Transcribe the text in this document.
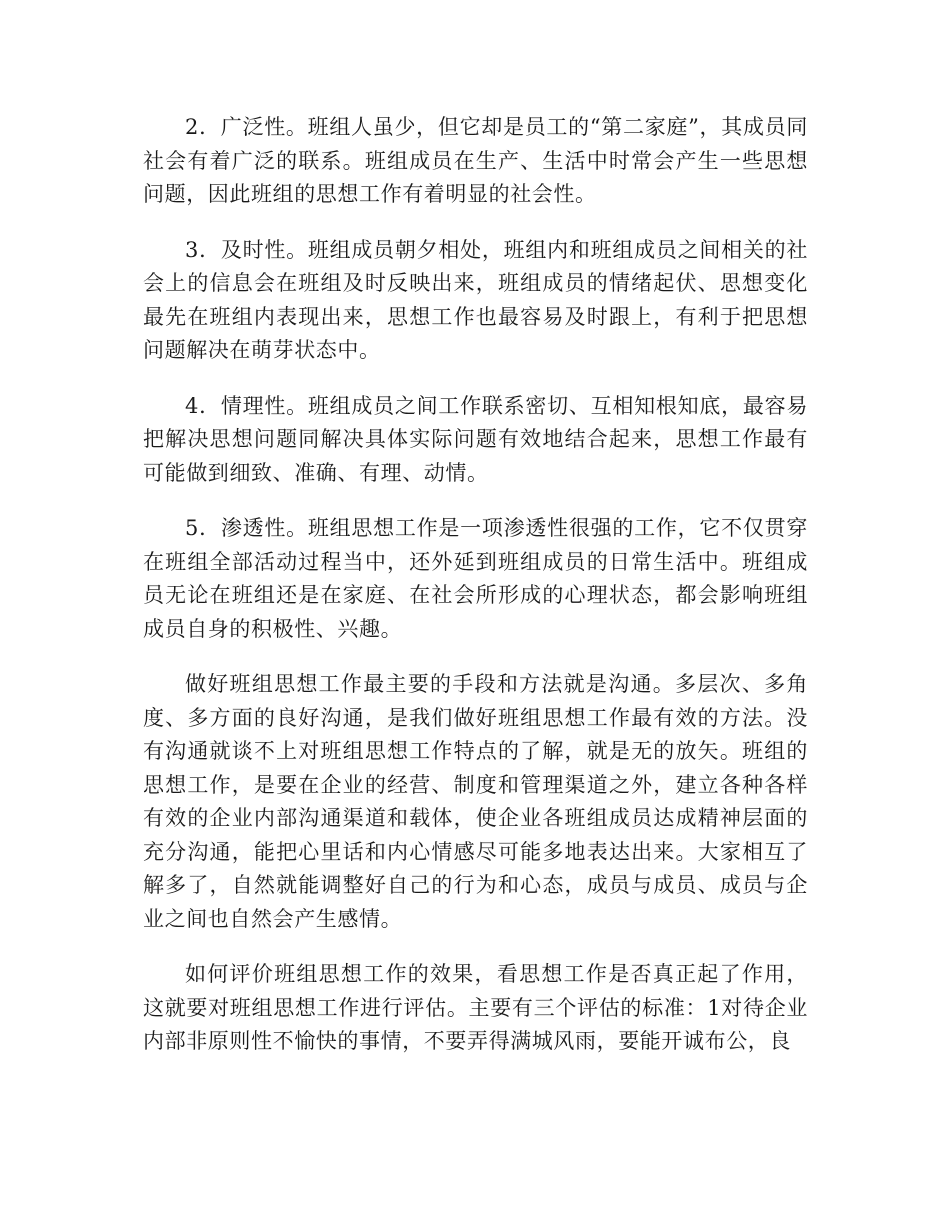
2．广泛性。班组人虽少，但它却是员工的“第二家庭”，其成员同社会有着广泛的联系。班组成员在生产、生活中时常会产生一些思想问题，因此班组的思想工作有着明显的社会性。

3．及时性。班组成员朝夕相处，班组内和班组成员之间相关的社会上的信息会在班组及时反映出来，班组成员的情绪起伏、思想变化最先在班组内表现出来，思想工作也最容易及时跟上，有利于把思想问题解决在萌芽状态中。

4．情理性。班组成员之间工作联系密切、互相知根知底，最容易把解决思想问题同解决具体实际问题有效地结合起来，思想工作最有可能做到细致、准确、有理、动情。

5．渗透性。班组思想工作是一项渗透性很强的工作，它不仅贯穿在班组全部活动过程当中，还外延到班组成员的日常生活中。班组成员无论在班组还是在家庭、在社会所形成的心理状态，都会影响班组成员自身的积极性、兴趣。

做好班组思想工作最主要的手段和方法就是沟通。多层次、多角度、多方面的良好沟通，是我们做好班组思想工作最有效的方法。没有沟通就谈不上对班组思想工作特点的了解，就是无的放矢。班组的思想工作，是要在企业的经营、制度和管理渠道之外，建立各种各样有效的企业内部沟通渠道和载体，使企业各班组成员达成精神层面的充分沟通，能把心里话和内心情感尽可能多地表达出来。大家相互了解多了，自然就能调整好自己的行为和心态，成员与成员、成员与企业之间也自然会产生感情。

如何评价班组思想工作的效果，看思想工作是否真正起了作用，这就要对班组思想工作进行评估。主要有三个评估的标准：1对待企业内部非原则性不愉快的事情，不要弄得满城风雨，要能开诚布公，良
